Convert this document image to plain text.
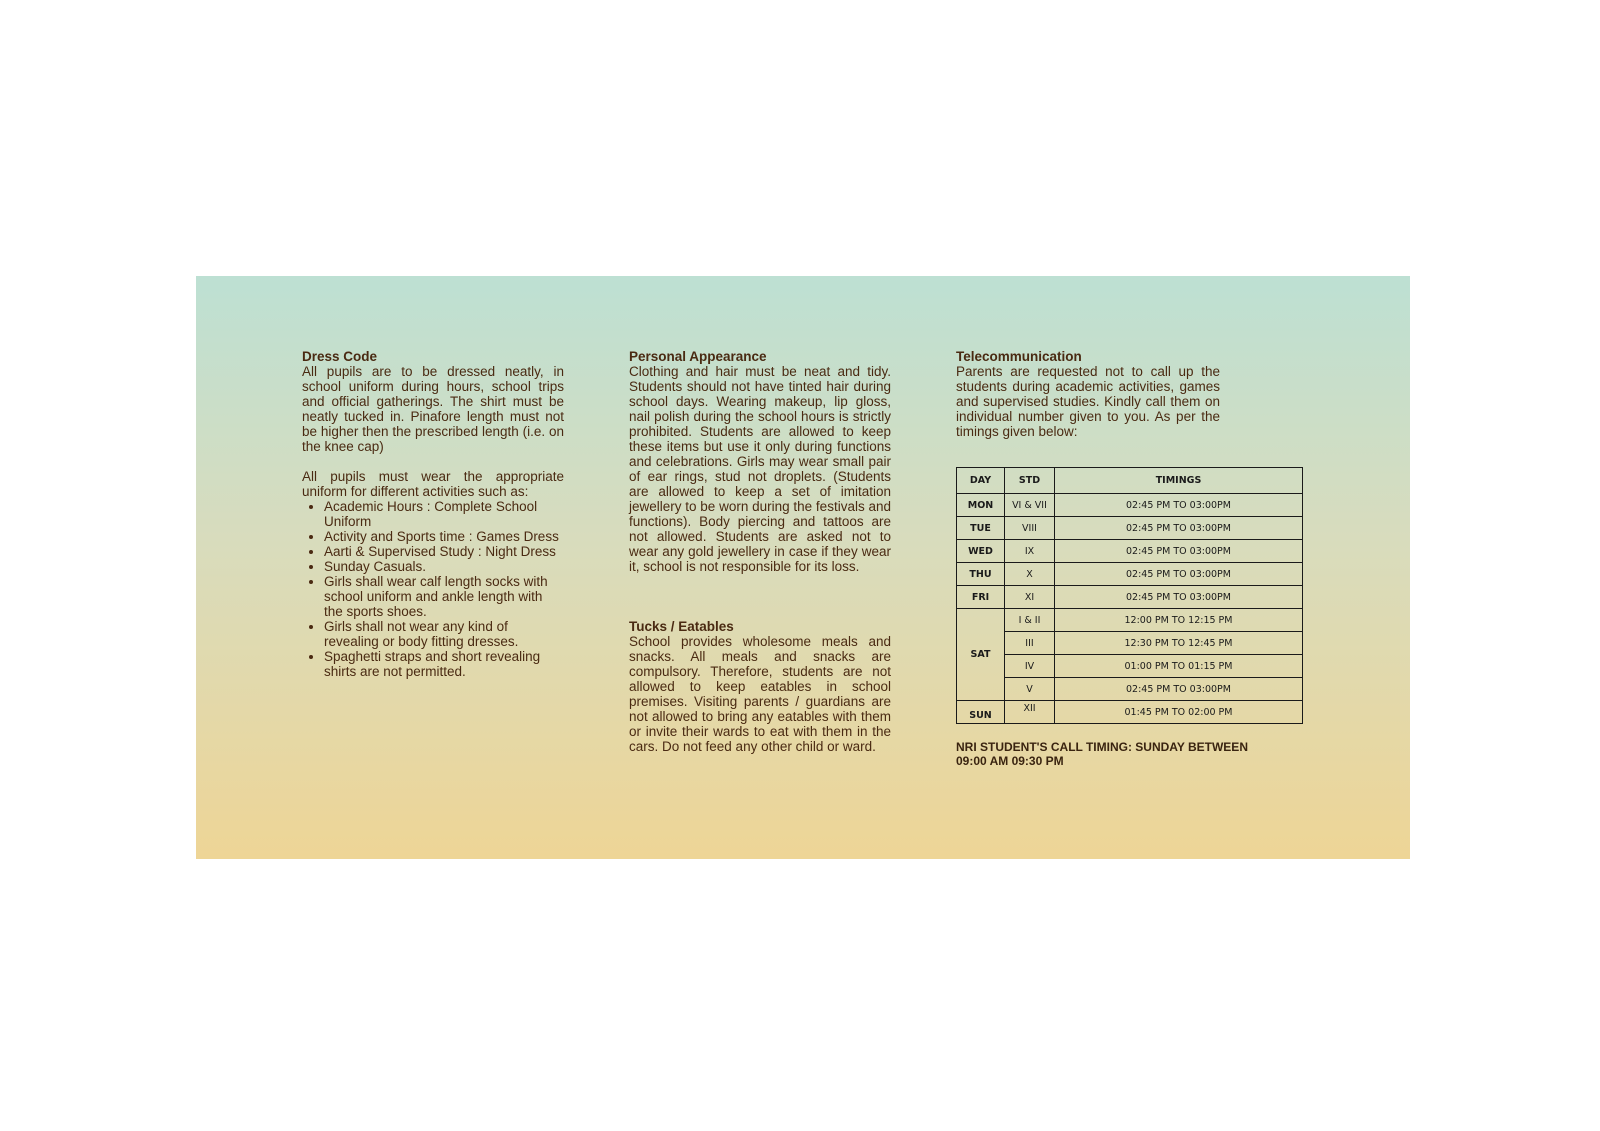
Dress Code
All pupils are to be dressed neatly, in school uniform during hours, school trips and official gatherings. The shirt must be neatly tucked in. Pinafore length must not be higher then the prescribed length (i.e. on the knee cap)
All pupils must wear the appropriate uniform for different activities such as:
• Academic Hours : Complete School Uniform
• Activity and Sports time : Games Dress
• Aarti & Supervised Study : Night Dress
• Sunday Casuals.
• Girls shall wear calf length socks with school uniform and ankle length with the sports shoes.
• Girls shall not wear any kind of revealing or body fitting dresses.
• Spaghetti straps and short revealing shirts are not permitted.
Personal Appearance
Clothing and hair must be neat and tidy. Students should not have tinted hair during school days. Wearing makeup, lip gloss, nail polish during the school hours is strictly prohibited. Students are allowed to keep these items but use it only during functions and celebrations. Girls may wear small pair of ear rings, stud not droplets. (Students are allowed to keep a set of imitation jewellery to be worn during the festivals and functions). Body piercing and tattoos are not allowed. Students are asked not to wear any gold jewellery in case if they wear it, school is not responsible for its loss.
Tucks / Eatables
School provides wholesome meals and snacks. All meals and snacks are compulsory. Therefore, students are not allowed to keep eatables in school premises. Visiting parents / guardians are not allowed to bring any eatables with them or invite their wards to eat with them in the cars. Do not feed any other child or ward.
Telecommunication
Parents are requested not to call up the students during academic activities, games and supervised studies. Kindly call them on individual number given to you. As per the timings given below:
DAY	STD	TIMINGS
MON	VI & VII	02:45 PM TO 03:00PM
TUE	VIII	02:45 PM TO 03:00PM
WED	IX	02:45 PM TO 03:00PM
THU	X	02:45 PM TO 03:00PM
FRI	XI	02:45 PM TO 03:00PM
SAT	I & II	12:00 PM TO 12:15 PM
	III	12:30 PM TO 12:45 PM
	IV	01:00 PM TO 01:15 PM
	V	02:45 PM TO 03:00PM
SUN	XII	01:45 PM TO 02:00 PM
NRI STUDENT'S CALL TIMING: SUNDAY BETWEEN 09:00 AM 09:30 PM
